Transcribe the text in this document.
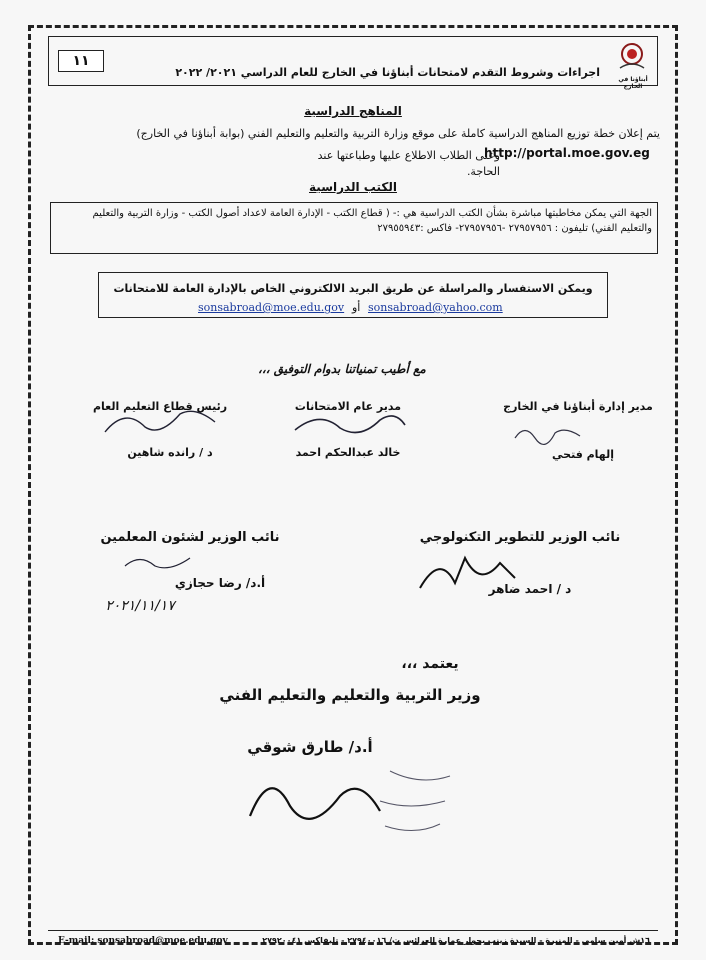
١١
اجراءات وشروط التقدم لامتحانات أبناؤنا في الخارج للعام الدراسي ٢٠٢١/ ٢٠٢٢
أبناؤنا في الخارج
المناهج الدراسية
يتم إعلان خطة توزيع المناهج الدراسية كاملة على موقع وزارة التربية والتعليم والتعليم الفني (بوابة أبناؤنا في الخارج)
وعلى الطلاب الاطلاع عليها وطباعتها عند الحاجة.
http://portal.moe.gov.eg
الكتب الدراسية
الجهة التي يمكن مخاطبتها مباشرة بشأن الكتب الدراسية هي :- ( قطاع الكتب - الإدارة العامة لاعداد أصول الكتب - وزارة التربية والتعليم والتعليم الفني) تليفون : ٢٧٩٥٧٩٥٦ -٢٧٩٥٧٩٥٦- فاكس :٢٧٩٥٥٩٤٣
ويمكن الاستفسار والمراسلة عن طريق البريد الالكتروني الخاص بالإدارة العامة للامتحانات
sonsabroad@moe.edu.gov أو sonsabroad@yahoo.com
مع أطيب تمنياتنا بدوام التوفيق ،،،
مدير إدارة أبناؤنا في الخارج
إلهام فتحي
مدير عام الامتحانات
خالد عبدالحكم احمد
رئيس قطاع التعليم العام
د / رانده شاهين
نائب الوزير للتطوير التكنولوجي
د / احمد ضاهر
نائب الوزير لشئون المعلمين
أ.د/ رضا حجازي
٢٠٢١/١١/١٧
يعتمد ،،،
وزير التربية والتعليم والتعليم الفني
أ.د/ طارق شوقي
E-mail: sonsabroad@moe.edu.gov	١٦ش أمين سامي - المنيرة - السيدة زينب بجوار عمارة العرائس ت/ ٢٧٩٤٠٠١٦ - تليفاكس ٢٧٩٢٠٠٤١
